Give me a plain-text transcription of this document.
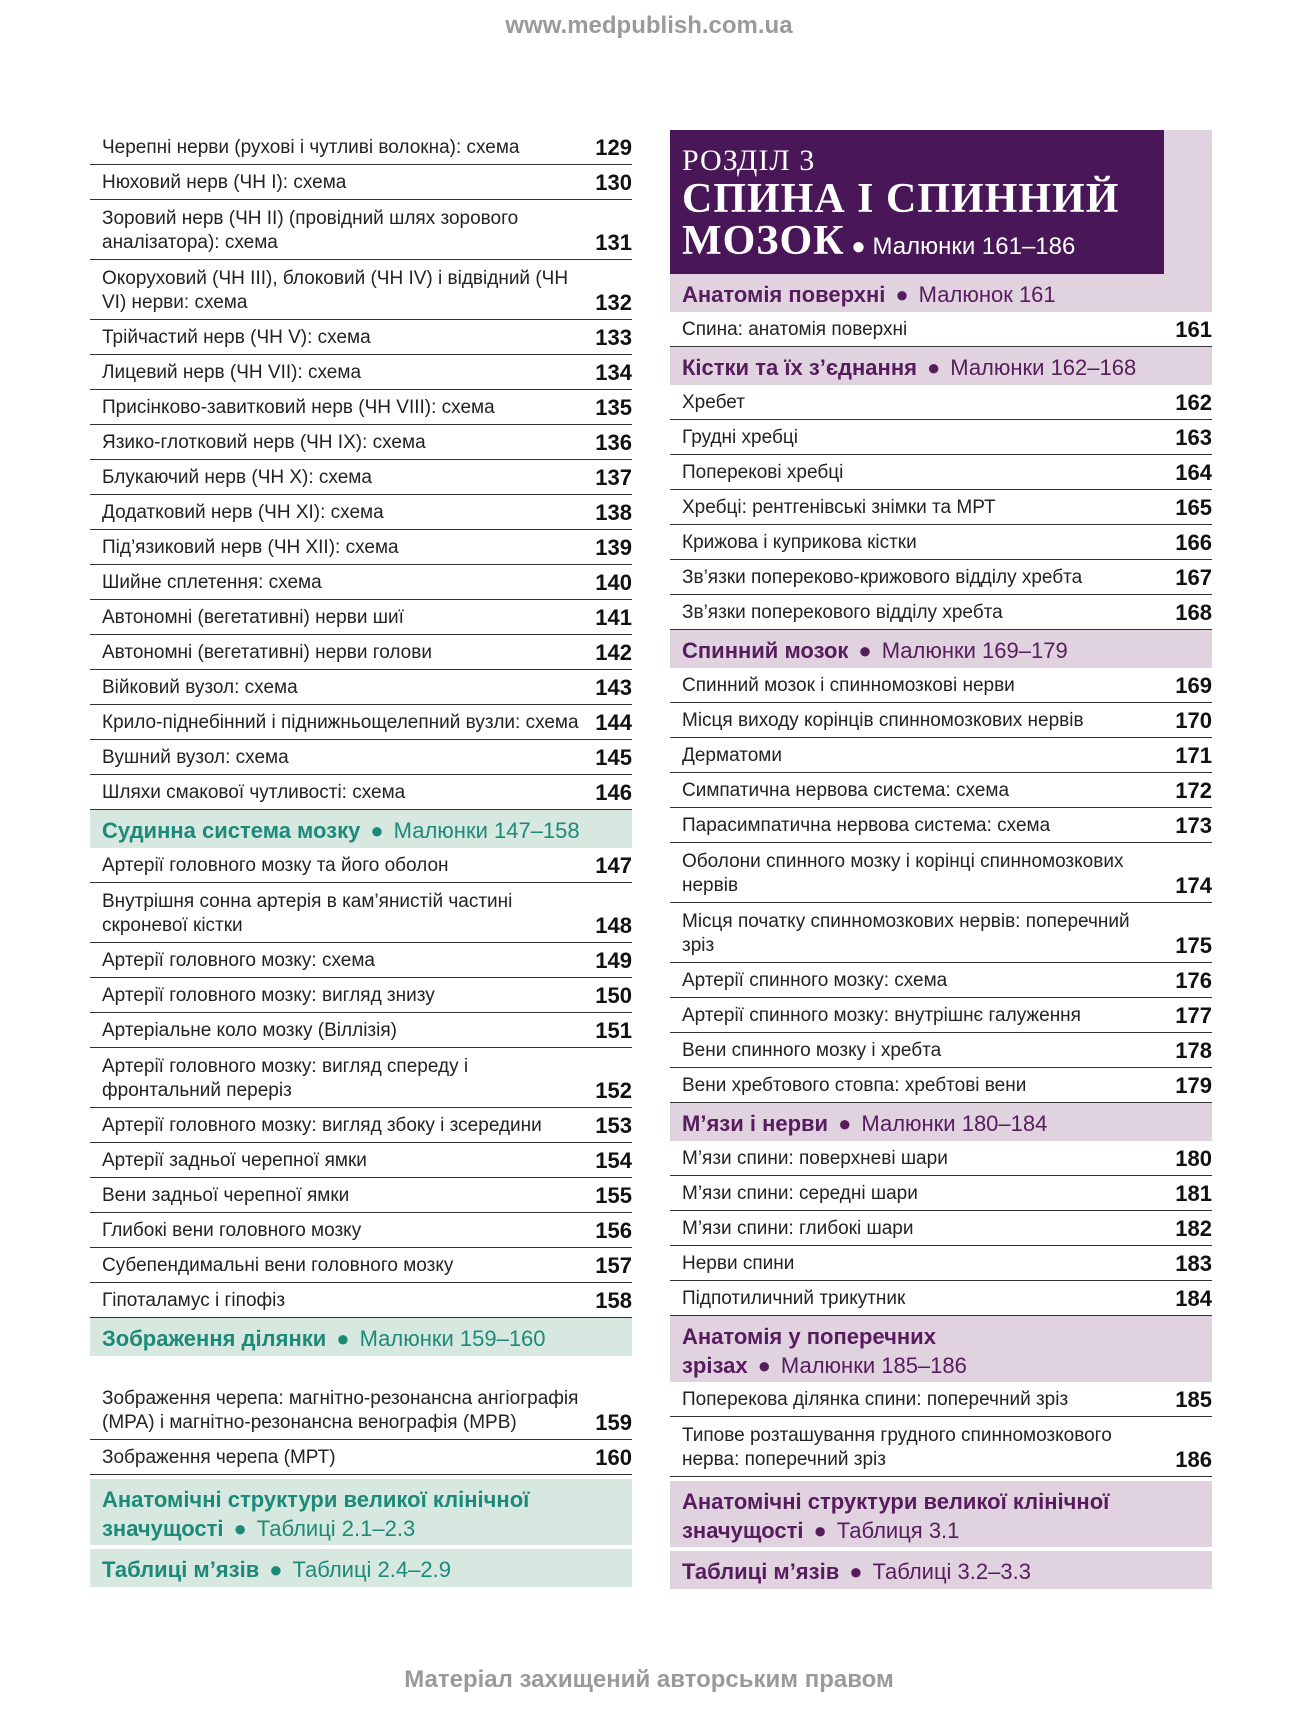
www.medpublish.com.ua
Черепні нерви (рухові і чутливі волокна): схема	129
Нюховий нерв (ЧН I): схема	130
Зоровий нерв (ЧН II) (провідний шлях зорового аналізатора): схема	131
Окоруховий (ЧН III), блоковий (ЧН IV) і відвідний (ЧН VI) нерви: схема	132
Трійчастий нерв (ЧН V): схема	133
Лицевий нерв (ЧН VII): схема	134
Присінково-завитковий нерв (ЧН VIII): схема	135
Язико-глотковий нерв (ЧН IX): схема	136
Блукаючий нерв (ЧН X): схема	137
Додатковий нерв (ЧН XI): схема	138
Під’язиковий нерв (ЧН XII): схема	139
Шийне сплетення: схема	140
Автономні (вегетативні) нерви шиї	141
Автономні (вегетативні) нерви голови	142
Війковий вузол: схема	143
Крило-піднебінний і піднижньощелепний вузли: схема 144
Вушний вузол: схема	145
Шляхи смакової чутливості: схема	146
Судинна система мозку ● Малюнки 147–158
Артерії головного мозку та його оболон	147
Внутрішня сонна артерія в кам’янистій частині скроневої кістки	148
Артерії головного мозку: схема	149
Артерії головного мозку: вигляд знизу	150
Артеріальне коло мозку (Віллізія)	151
Артерії головного мозку: вигляд спереду і фронтальний переріз	152
Артерії головного мозку: вигляд збоку і зсередини	153
Артерії задньої черепної ямки	154
Вени задньої черепної ямки	155
Глибокі вени головного мозку	156
Субепендимальні вени головного мозку	157
Гіпоталамус і гіпофіз	158
Зображення ділянки ● Малюнки 159–160
Зображення черепа: магнітно-резонансна ангіографія (МРА) і магнітно-резонансна венографія (МРВ)	159
Зображення черепа (МРТ)	160
Анатомічні структури великої клінічної
значущості ● Таблиці 2.1–2.3
Таблиці м’язів ● Таблиці 2.4–2.9
РОЗДІЛ 3
СПИНА І СПИННИЙ
МОЗОК ● Малюнки 161–186
Анатомія поверхні ● Малюнок 161
Спина: анатомія поверхні	161
Кістки та їх з’єднання ● Малюнки 162–168
Хребет	162
Грудні хребці	163
Поперекові хребці	164
Хребці: рентгенівські знімки та МРТ	165
Крижова і куприкова кістки	166
Зв’язки попереково-крижового відділу хребта	167
Зв’язки поперекового відділу хребта	168
Спинний мозок ● Малюнки 169–179
Спинний мозок і спинномозкові нерви	169
Місця виходу корінців спинномозкових нервів	170
Дерматоми	171
Симпатична нервова система: схема	172
Парасимпатична нервова система: схема	173
Оболони спинного мозку і корінці спинномозкових нервів	174
Місця початку спинномозкових нервів: поперечний зріз	175
Артерії спинного мозку: схема	176
Артерії спинного мозку: внутрішнє галуження	177
Вени спинного мозку і хребта	178
Вени хребтового стовпа: хребтові вени	179
М’язи і нерви ● Малюнки 180–184
М’язи спини: поверхневі шари	180
М’язи спини: середні шари	181
М’язи спини: глибокі шари	182
Нерви спини	183
Підпотиличний трикутник	184
Анатомія у поперечних
зрізах ● Малюнки 185–186
Поперекова ділянка спини: поперечний зріз	185
Типове розташування грудного спинномозкового нерва: поперечний зріз	186
Анатомічні структури великої клінічної
значущості ● Таблиця 3.1
Таблиці м’язів ● Таблиці 3.2–3.3
Матеріал захищений авторським правом
